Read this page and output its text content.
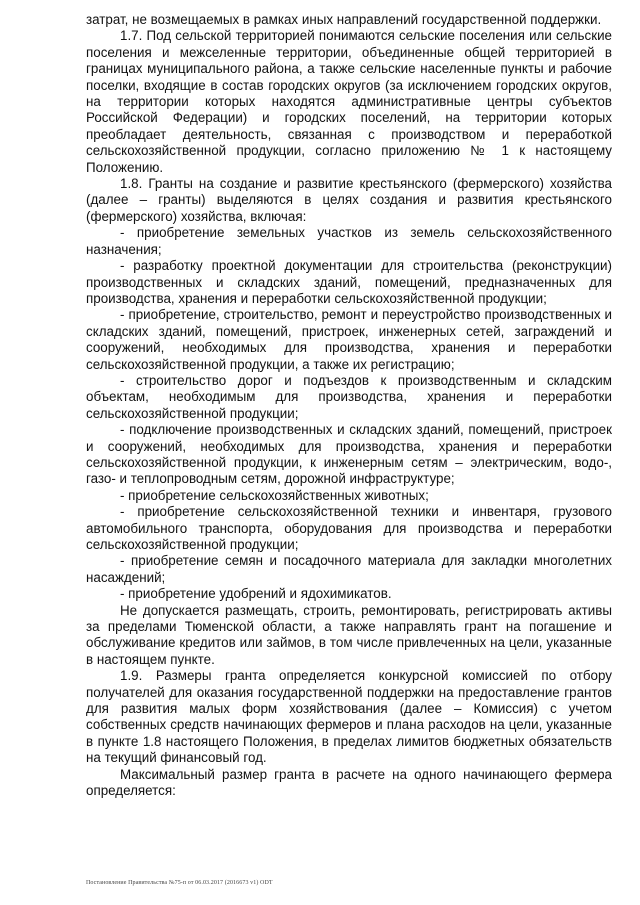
затрат, не возмещаемых в рамках иных направлений государственной поддержки.

1.7. Под сельской территорией понимаются сельские поселения или сельские поселения и межселенные территории, объединенные общей территорией в границах муниципального района, а также сельские населенные пункты и рабочие поселки, входящие в состав городских округов (за исключением городских округов, на территории которых находятся административные центры субъектов Российской Федерации) и городских поселений, на территории которых преобладает деятельность, связанная с производством и переработкой сельскохозяйственной продукции, согласно приложению № 1 к настоящему Положению.

1.8. Гранты на создание и развитие крестьянского (фермерского) хозяйства (далее – гранты) выделяются в целях создания и развития крестьянского (фермерского) хозяйства, включая:

- приобретение земельных участков из земель сельскохозяйственного назначения;

- разработку проектной документации для строительства (реконструкции) производственных и складских зданий, помещений, предназначенных для производства, хранения и переработки сельскохозяйственной продукции;

- приобретение, строительство, ремонт и переустройство производственных и складских зданий, помещений, пристроек, инженерных сетей, заграждений и сооружений, необходимых для производства, хранения и переработки сельскохозяйственной продукции, а также их регистрацию;

- строительство дорог и подъездов к производственным и складским объектам, необходимым для производства, хранения и переработки сельскохозяйственной продукции;

- подключение производственных и складских зданий, помещений, пристроек и сооружений, необходимых для производства, хранения и переработки сельскохозяйственной продукции, к инженерным сетям – электрическим, водо-, газо- и теплопроводным сетям, дорожной инфраструктуре;

- приобретение сельскохозяйственных животных;

- приобретение сельскохозяйственной техники и инвентаря, грузового автомобильного транспорта, оборудования для производства и переработки сельскохозяйственной продукции;

- приобретение семян и посадочного материала для закладки многолетних насаждений;

- приобретение удобрений и ядохимикатов.

Не допускается размещать, строить, ремонтировать, регистрировать активы за пределами Тюменской области, а также направлять грант на погашение и обслуживание кредитов или займов, в том числе привлеченных на цели, указанные в настоящем пункте.

1.9. Размеры гранта определяется конкурсной комиссией по отбору получателей для оказания государственной поддержки на предоставление грантов для развития малых форм хозяйствования (далее – Комиссия) с учетом собственных средств начинающих фермеров и плана расходов на цели, указанные в пункте 1.8 настоящего Положения, в пределах лимитов бюджетных обязательств на текущий финансовый год.

Максимальный размер гранта в расчете на одного начинающего фермера определяется:

Постановление Правительства №75-п от 06.03.2017 (2016673 v1) ODT
